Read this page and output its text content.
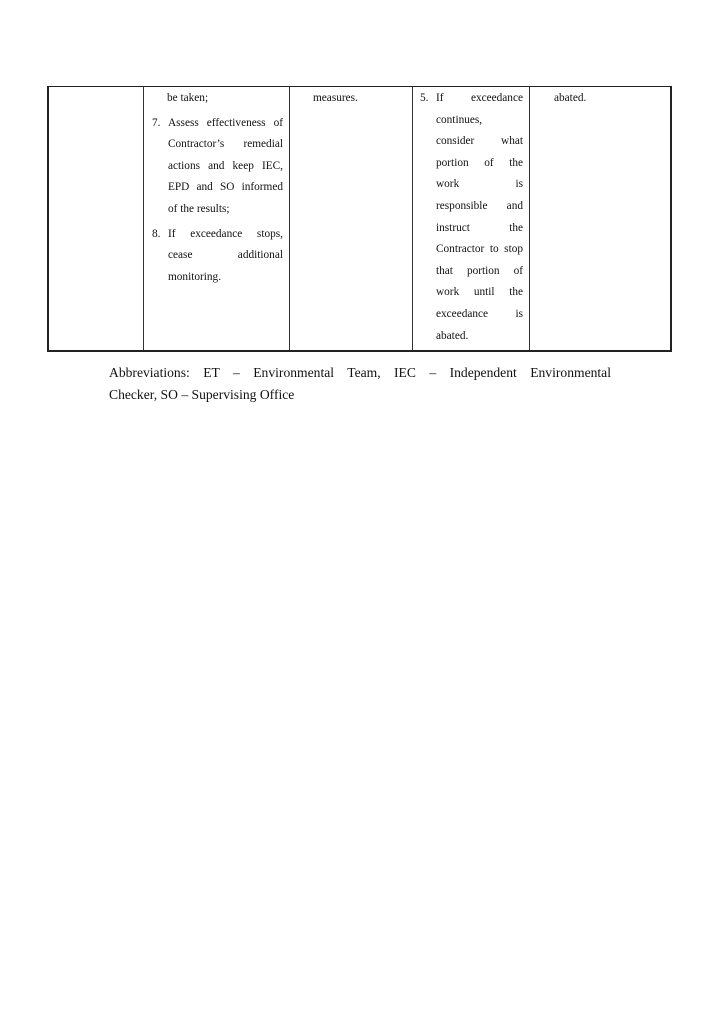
be taken;
7. Assess effectiveness of
Contractor’s remedial
actions and keep IEC,
EPD and SO informed
of the results;
8. If exceedance stops,
cease additional
monitoring.
measures.	5. If exceedance
continues,
consider what
portion of the
work is
responsible and
instruct the
Contractor to stop
that portion of
work until the
exceedance is
abated.
abated.
Abbreviations: ET – Environmental Team, IEC – Independent Environmental
Checker, SO – Supervising Office
